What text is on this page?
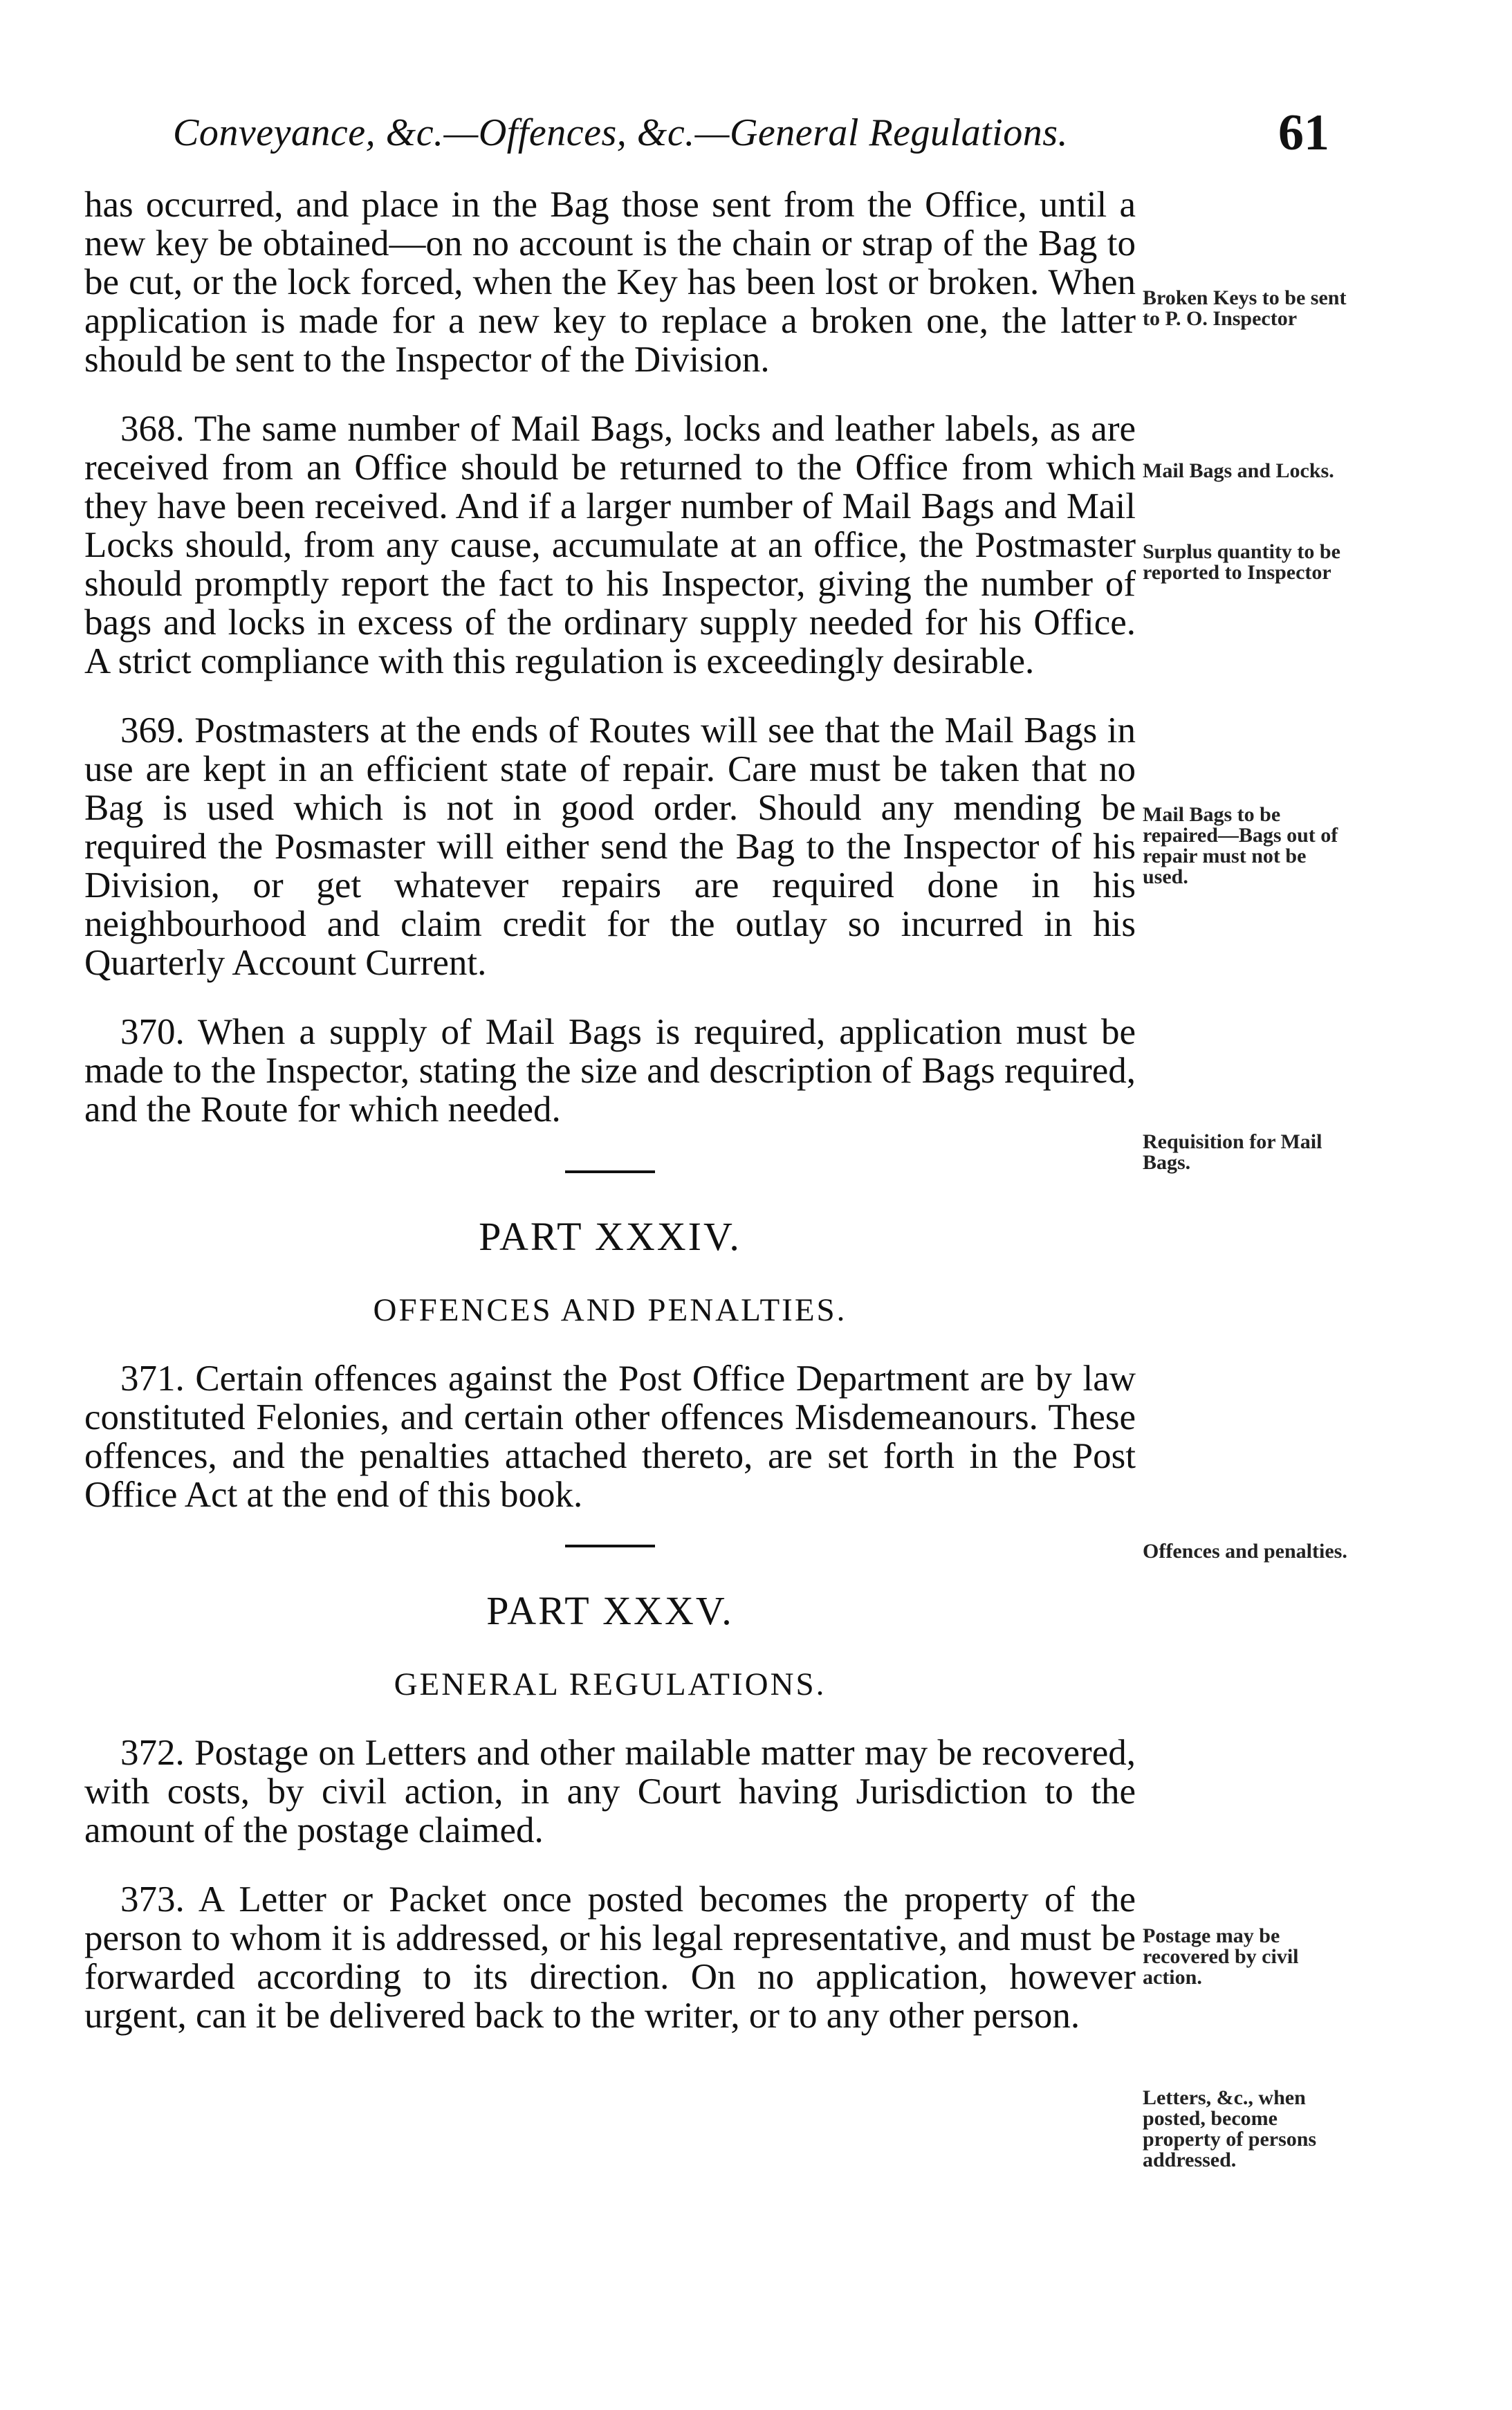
Conveyance, &c.—Offences, &c.—General Regulations.	61

has occurred, and place in the Bag those sent from the Office, until a new key be obtained—on no account is the chain or strap of the Bag to be cut, or the lock forced, when the Key has been lost or broken. When application is made for a new key to replace a broken one, the latter should be sent to the Inspector of the Division.

368. The same number of Mail Bags, locks and leather labels, as are received from an Office should be returned to the Office from which they have been received. And if a larger number of Mail Bags and Mail Locks should, from any cause, accumulate at an office, the Postmaster should promptly report the fact to his Inspector, giving the number of bags and locks in excess of the ordinary supply needed for his Office. A strict compliance with this regulation is exceedingly desirable.

369. Postmasters at the ends of Routes will see that the Mail Bags in use are kept in an efficient state of repair. Care must be taken that no Bag is used which is not in good order. Should any mending be required the Posmaster will either send the Bag to the Inspector of his Division, or get whatever repairs are required done in his neighbourhood and claim credit for the outlay so incurred in his Quarterly Account Current.

370. When a supply of Mail Bags is required, application must be made to the Inspector, stating the size and description of Bags required, and the Route for which needed.

PART XXXIV.
OFFENCES AND PENALTIES.

371. Certain offences against the Post Office Department are by law constituted Felonies, and certain other offences Misdemeanours. These offences, and the penalties attached thereto, are set forth in the Post Office Act at the end of this book.

PART XXXV.
GENERAL REGULATIONS.

372. Postage on Letters and other mailable matter may be recovered, with costs, by civil action, in any Court having Jurisdiction to the amount of the postage claimed.

373. A Letter or Packet once posted becomes the property of the person to whom it is addressed, or his legal representative, and must be forwarded according to its direction. On no application, however urgent, can it be delivered back to the writer, or to any other person.

Broken Keys to be sent to P. O. Inspector
Mail Bags and Locks.
Surplus quantity to be reported to Inspector
Mail Bags to be repaired—Bags out of repair must not be used.
Requisition for Mail Bags.
Offences and penalties.
Postage may be recovered by civil action.
Letters, &c., when posted, become property of persons addressed.
